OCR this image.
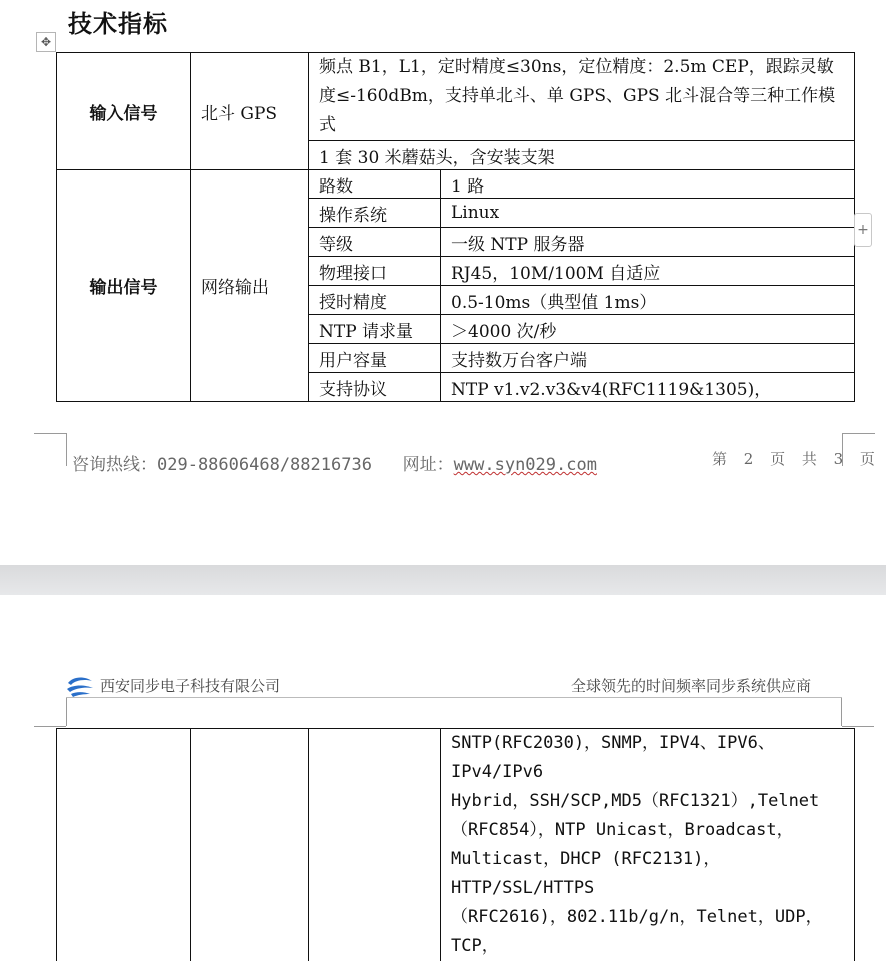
技术指标
✥
输入信号	北斗 GPS	频点 B1，L1，定时精度≤30ns，定位精度：2.5m CEP，跟踪灵敏度≤-160dBm，支持单北斗、单 GPS、GPS 北斗混合等三种工作模式	
		1 套 30 米蘑菇头，含安装支架	
输出信号	网络输出	路数	1 路
		操作系统	Linux
		等级	一级 NTP 服务器
		物理接口	RJ45，10M/100M 自适应
		授时精度	0.5-10ms（典型值 1ms）
		NTP 请求量	＞4000 次/秒
		用户容量	支持数万台客户端
		支持协议	NTP v1.v2.v3&v4(RFC1119&1305)，
+
咨询热线：029-88606468/88216736 网址：www.syn029.com	第 2 页 共 3 页
西安同步电子科技有限公司	全球领先的时间频率同步系统供应商

SNTP(RFC2030)，SNMP，IPV4、IPV6、IPv4/IPv6
Hybrid，SSH/SCP,MD5（RFC1321）,Telnet
（RFC854），NTP Unicast，Broadcast，
Multicast，DHCP (RFC2131)，HTTP/SSL/HTTPS
（RFC2616)，802.11b/g/n，Telnet，UDP，TCP，
